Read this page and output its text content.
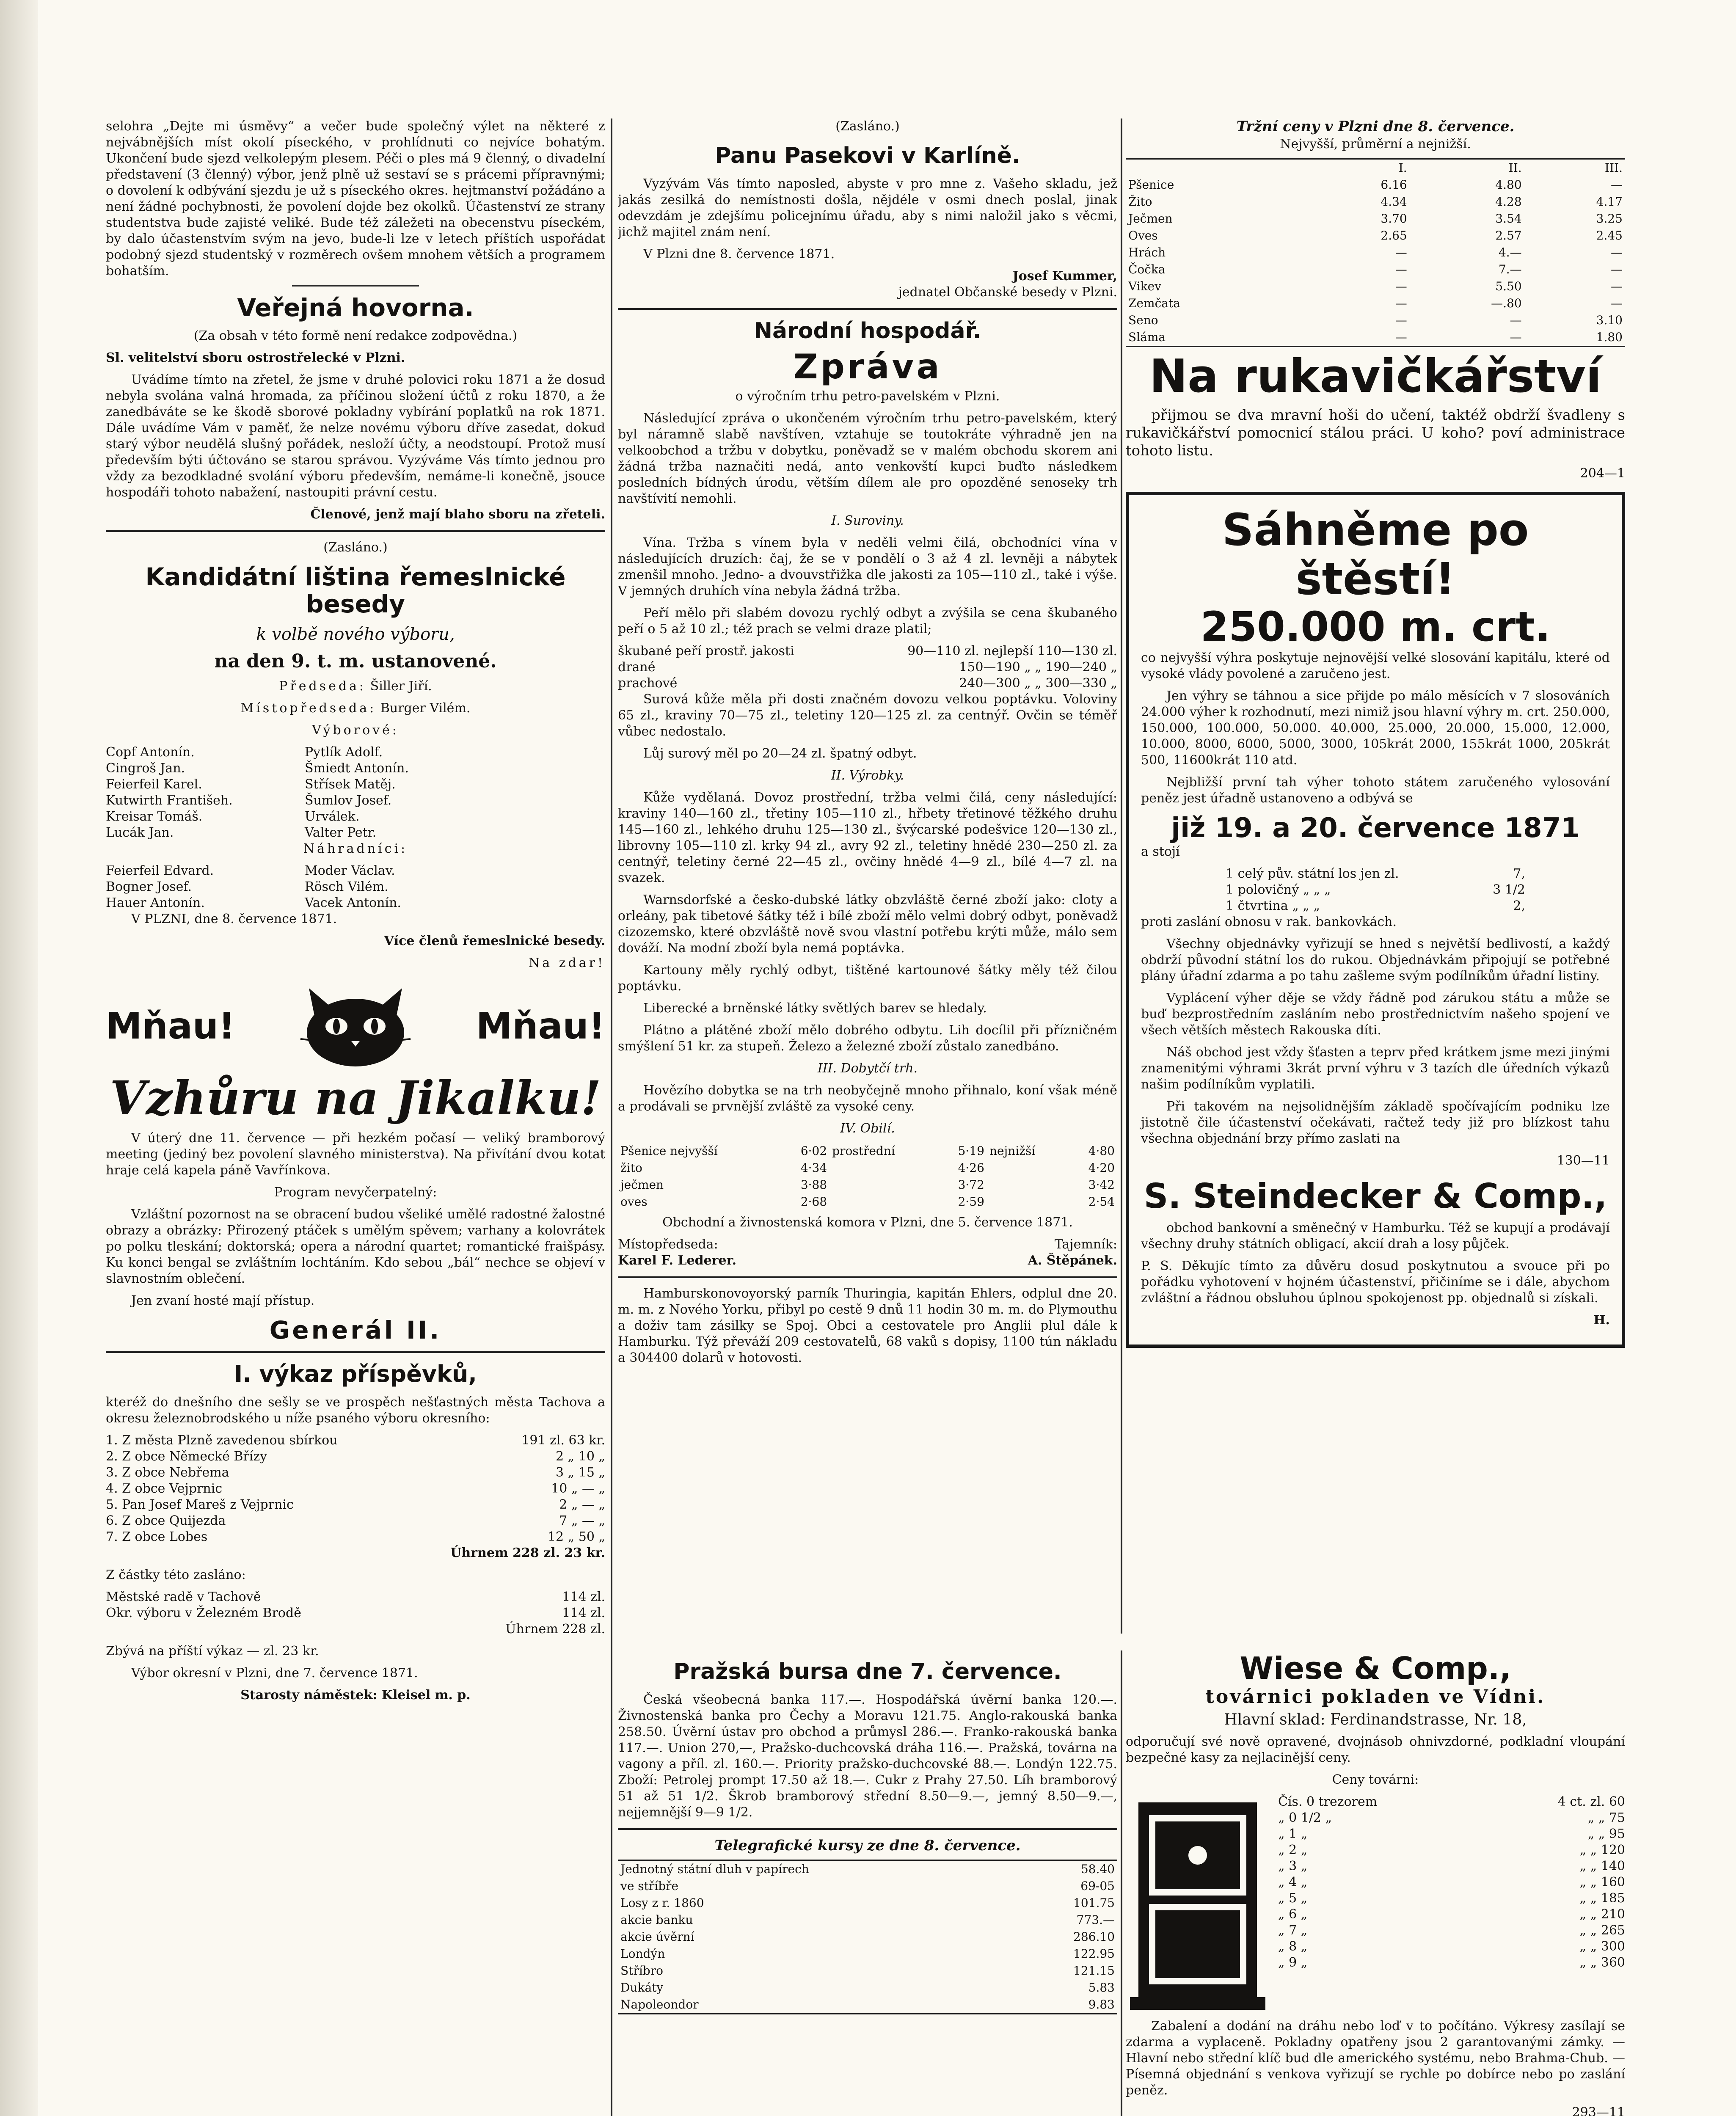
selohra „Dejte mi úsměvy“ a večer bude společný výlet na některé z nejvábnějších míst okolí píseckého, v prohlídnuti co nejvíce bohatým. Ukončení bude sjezd velkolepým plesem. Péči o ples má 9 členný, o divadelní představení (3 členný) výbor, jenž plně už sestaví se s prácemi přípravnými; o dovolení k odbývání sjezdu je už s píseckého okres. hejtmanství požádáno a není žádné pochybnosti, že povolení dojde bez okolků. Účastenství ze strany studentstva bude zajisté veliké. Bude též záležeti na obecenstvu píseckém, by dalo účastenstvím svým na jevo, bude-li lze v letech příštích uspořádat podobný sjezd studentský v rozměrech ovšem mnohem větších a programem bohatším.

Veřejná hovorna.

(Za obsah v této formě není redakce zodpovědna.)

Sl. velitelství sboru ostrostřelecké v Plzni.

Uvádíme tímto na zřetel, že jsme v druhé polovici roku 1871 a že dosud nebyla svolána valná hromada, za příčinou složení účtů z roku 1870, a že zanedbáváte se ke škodě sborové pokladny vybírání poplatků na rok 1871. Dále uvádíme Vám v paměť, že nelze novému výboru dříve zasedat, dokud starý výbor neudělá slušný pořádek, nesloží účty, a neodstoupí. Protož musí především býti účtováno se starou správou. Vyzýváme Vás tímto jednou pro vždy za bezodkladné svolání výboru především, nemáme-li konečně, jsouce hospodáři tohoto nabažení, nastoupiti právní cestu.

Členové, jenž mají blaho sboru na zřeteli.

(Zasláno.)

Kandidátní liština řemeslnické besedy

k volbě nového výboru,

na den 9. t. m. ustanovené.

Předseda: Šiller Jiří.

Místopředseda: Burger Vilém.

Výborové:

Copf Antonín.	Pytlík Adolf.
Cingroš Jan.	Šmiedt Antonín.
Feierfeil Karel.	Střísek Matěj.
Kutwirth Františeh.	Šumlov Josef.
Kreisar Tomáš.	Urválek.
Lucák Jan.	Valter Petr.

Náhradníci:

Feierfeil Edvard.	Moder Václav.
Bogner Josef.	Rösch Vilém.
Hauer Antonín.	Vacek Antonín.

V PLZNI, dne 8. července 1871.

Více členů řemeslnické besedy.

Na zdar!

Mňau!	Mňau!
Vzhůru na Jikalku!

V úterý dne 11. července — při hezkém počasí — veliký bramborový meeting (jediný bez povolení slavného ministerstva). Na přivítání dvou kotat hraje celá kapela páně Vavřínkova.

Program nevyčerpatelný:

Vzláštní pozornost na se obracení budou všeliké umělé radostné žalostné obrazy a obrázky: Přirozený ptáček s umělým spěvem; varhany a kolovrátek po polku tleskání; doktorská; opera a národní quartet; romantické fraišpásy. Ku konci bengal se zvláštním lochtáním. Kdo sebou „bál“ nechce se objeví v slavnostním oblečení.

Jen zvaní hosté mají přístup.

Generál II.
I. výkaz příspěvků,

kteréž do dnešního dne sešly se ve prospěch nešťastných města Tachova a okresu železnobrodského u níže psaného výboru okresního:

1. Z města Plzně zavedenou sbírkou	191 zl. 63 kr.
2. Z obce Německé Břízy	2 „ 10 „
3. Z obce Nebřema	3 „ 15 „
4. Z obce Vejprnic	10 „ — „
5. Pan Josef Mareš z Vejprnic	2 „ — „
6. Z obce Quijezda	7 „ — „
7. Z obce Lobes	12 „ 50 „

Úhrnem 228 zl. 23 kr.

Z částky této zasláno:

Městské radě v Tachově	114 zl.
Okr. výboru v Železném Brodě	114 zl.

Úhrnem 228 zl.

Zbývá na příští výkaz — zl. 23 kr.

Výbor okresní v Plzni, dne 7. července 1871.

Starosty náměstek: Kleisel m. p.

(Zasláno.)

Panu Pasekovi v Karlíně.

Vyzývám Vás tímto naposled, abyste v pro mne z. Vašeho skladu, jež jakás zesilká do nemístnosti došla, nějdéle v osmi dnech poslal, jinak odevzdám je zdejšímu policejnímu úřadu, aby s nimi naložil jako s věcmi, jichž majitel znám není.

V Plzni dne 8. července 1871.

Josef Kummer,

jednatel Občanské besedy v Plzni.

Národní hospodář.
Zpráva

o výročním trhu petro-pavelském v Plzni.

Následující zpráva o ukončeném výročním trhu petro-pavelském, který byl náramně slabě navštíven, vztahuje se toutokráte výhradně jen na velkoobchod a tržbu v dobytku, poněvadž se v malém obchodu skorem ani žádná tržba naznačiti nedá, anto venkovští kupci buďto následkem posledních bídných úrodu, větším dílem ale pro opozděné senoseky trh navštívití nemohli.

I. Suroviny.

Vína. Tržba s vínem byla v neděli velmi čilá, obchodníci vína v následujících druzích: čaj, že se v pondělí o 3 až 4 zl. levněji a nábytek zmenšil mnoho. Jedno- a dvouvstřižka dle jakosti za 105—110 zl., také i výše. V jemných druhích vína nebyla žádná tržba.

Peří mělo při slabém dovozu rychlý odbyt a zvýšila se cena škubaného peří o 5 až 10 zl.; též prach se velmi draze platil;

škubané peří prostř. jakosti	90—110 zl. nejlepší 110—130 zl.
drané	150—190 „ „ 190—240 „
prachové	240—300 „ „ 300—330 „

Surová kůže měla při dosti značném dovozu velkou poptávku. Voloviny 65 zl., kraviny 70—75 zl., teletiny 120—125 zl. za centnýř. Ovčin se téměř vůbec nedostalo.

Lůj surový měl po 20—24 zl. špatný odbyt.

II. Výrobky.

Kůže vydělaná. Dovoz prostřední, tržba velmi čilá, ceny následující: kraviny 140—160 zl., třetiny 105—110 zl., hřbety třetinové těžkého druhu 145—160 zl., lehkého druhu 125—130 zl., švýcarské podešvice 120—130 zl., librovny 105—110 zl. krky 94 zl., avry 92 zl., teletiny hnědé 230—250 zl. za centnýř, teletiny černé 22—45 zl., ovčiny hnědé 4—9 zl., bílé 4—7 zl. na svazek.

Warnsdorfské a česko-dubské látky obzvláště černé zboží jako: cloty a orleány, pak tibetové šátky též i bílé zboží mělo velmi dobrý odbyt, poněvadž cizozemsko, které obzvláště nově svou vlastní potřebu krýti může, málo sem dováží. Na modní zboží byla nemá poptávka.

Kartouny měly rychlý odbyt, tištěné kartounové šátky měly též čilou poptávku.

Liberecké a brněnské látky světlých barev se hledaly.

Plátno a plátěné zboží mělo dobrého odbytu. Lih docílil při přízničném smýšlení 51 kr. za stupeň. Železo a železné zboží zůstalo zanedbáno.

III. Dobytčí trh.

Hovězího dobytka se na trh neobyčejně mnoho přihnalo, koní však méně a prodávali se prvnější zvláště za vysoké ceny.

IV. Obilí.

Pšenice nejvyšší	6·02	prostřední	5·19	nejnižší	4·80
žito	4·34		4·26		4·20
ječmen	3·88		3·72		3·42
oves	2·68		2·59		2·54

Obchodní a živnostenská komora v Plzni, dne 5. července 1871.

Místopředseda:	Tajemník:
Karel F. Lederer.	A. Štěpánek.

Hamburskonovoyorský parník Thuringia, kapitán Ehlers, odplul dne 20. m. m. z Nového Yorku, přibyl po cestě 9 dnů 11 hodin 30 m. m. do Plymouthu a doživ tam zásilky se Spoj. Obci a cestovatele pro Anglii plul dále k Hamburku. Týž převáží 209 cestovatelů, 68 vaků s dopisy, 1100 tún nákladu a 304400 dolarů v hotovosti.

Tržní ceny v Plzni dne 8. července.

Nejvyšší, průměrní a nejnižší.

	I.	II.	III.
Pšenice	6.16	4.80	—
Žito	4.34	4.28	4.17
Ječmen	3.70	3.54	3.25
Oves	2.65	2.57	2.45
Hrách	—	4.—	—
Čočka	—	7.—	—
Vikev	—	5.50	—
Zemčata	—	—.80	—
Seno	—	—	3.10
Sláma	—	—	1.80
Na rukavičkářství

přijmou se dva mravní hoši do učení, taktéž obdrží švadleny s rukavičkářství pomocnicí stálou práci. U koho? poví administrace tohoto listu.

204—1

Sáhněme po štěstí!
250.000 m. crt.

co nejvyšší výhra poskytuje nejnovější velké slosování kapitálu, které od vysoké vlády povolené a zaručeno jest.

Jen výhry se táhnou a sice přijde po málo měsících v 7 slosováních 24.000 výher k rozhodnutí, mezi nimiž jsou hlavní výhry m. crt. 250.000, 150.000, 100.000, 50.000. 40.000, 25.000, 20.000, 15.000, 12.000, 10.000, 8000, 6000, 5000, 3000, 105krát 2000, 155krát 1000, 205krát 500, 11600krát 110 atd.

Nejbližší první tah výher tohoto státem zaručeného vylosování peněz jest úřadně ustanoveno a odbývá se

již 19. a 20. července 1871

a stojí

1 celý pův. státní los jen zl.	7,
1 polovičný „ „ „	3 1/2
1 čtvrtina „ „ „	2,

proti zaslání obnosu v rak. bankovkách.

Všechny objednávky vyřizují se hned s největší bedlivostí, a každý obdrží původní státní los do rukou. Objednávkám připojují se potřebné plány úřadní zdarma a po tahu zašleme svým podílníkům úřadní listiny.

Vyplácení výher děje se vždy řádně pod zárukou státu a může se buď bezprostředním zasláním nebo prostřednictvím našeho spojení ve všech větších městech Rakouska díti.

Náš obchod jest vždy šťasten a teprv před krátkem jsme mezi jinými znamenitými výhrami 3krát první výhru v 3 tazích dle úředních výkazů našim podílníkům vyplatili.

Při takovém na nejsolidnějším základě spočívajícím podniku lze jistotně čile účastenství očekávati, račtež tedy již pro blízkost tahu všechna objednání brzy přímo zaslati na

130—11

S. Steindecker & Comp.,

obchod bankovní a směnečný v Hamburku. Též se kupují a prodávají všechny druhy státních obligací, akcií drah a losy půjček.

P. S. Děkujíc tímto za důvěru dosud poskytnutou a svouce při po pořádku vyhotovení v hojném účastenství, přičiníme se i dále, abychom zvláštní a řádnou obsluhou úplnou spokojenost pp. objednalů si získali.

H.

Pražská bursa dne 7. července.

Česká všeobecná banka 117.—. Hospodářská úvěrní banka 120.—. Živnostenská banka pro Čechy a Moravu 121.75. Anglo-rakouská banka 258.50. Úvěrní ústav pro obchod a průmysl 286.—. Franko-rakouská banka 117.—. Union 270,—, Pražsko-duchcovská dráha 116.—. Pražská, továrna na vagony a příl. zl. 160.—. Priority pražsko-duchcovské 88.—. Londýn 122.75. Zboží: Petrolej prompt 17.50 až 18.—. Cukr z Prahy 27.50. Líh bramborový 51 až 51 1/2. Škrob bramborový střední 8.50—9.—, jemný 8.50—9.—, nejjemnější 9—9 1/2.

Telegrafické kursy ze dne 8. července.

Jednotný státní dluh v papírech	58.40
ve stříbře	69-05
Losy z r. 1860	101.75
akcie banku	773.—
akcie úvěrní	286.10
Londýn	122.95
Stříbro	121.15
Dukáty	5.83
Napoleondor	9.83
Wiese & Comp.,
továrnici pokladen ve Vídni.

Hlavní sklad: Ferdinandstrasse, Nr. 18,

odporučují své nově opravené, dvojnásob ohnivzdorné, podkladní vloupání bezpečné kasy za nejlacinější ceny.

Ceny továrni:

Čís. 0 trezorem	4 ct. zl. 60
„ 0 1/2 „	„ „ 75
„ 1 „	„ „ 95
„ 2 „	„ „ 120
„ 3 „	„ „ 140
„ 4 „	„ „ 160
„ 5 „	„ „ 185
„ 6 „	„ „ 210
„ 7 „	„ „ 265
„ 8 „	„ „ 300
„ 9 „	„ „ 360

Zabalení a dodání na dráhu nebo loď v to počítáno. Výkresy zasílají se zdarma a vyplaceně. Pokladny opatřeny jsou 2 garantovanými zámky. — Hlavní nebo střední klíč bud dle amerického systému, nebo Brahma-Chub. — Písemná objednání s venkova vyřizují se rychle po dobírce nebo po zaslání peněz.

293—11
